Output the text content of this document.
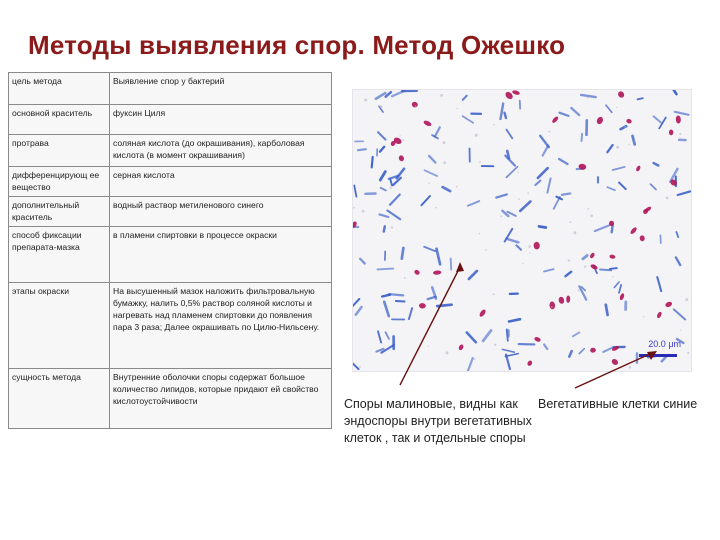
Методы выявления спор. Метод Ожешко
цель метода	Выявление спор у бактерий
основной краситель	фуксин Циля
протрава	соляная кислота (до окрашивания), карболовая кислота (в момент окрашивания)
дифференцирующ ее вещество	серная кислота
дополнительный краситель	водный раствор метиленового синего
способ фиксации препарата-мазка	в пламени спиртовки в процессе окраски
этапы окраски	На высушенный мазок наложить фильтровальную бумажку, налить 0,5% раствор соляной кислоты и нагревать над пламенем спиртовки до появления пара 3 раза; Далее окрашивать по Цилю-Нильсену.
сущность метода	Внутренние оболочки споры содержат большое количество липидов, которые придают ей свойство кислотоустойчивости
20.0 μm
Споры малиновые, видны как эндоспоры внутри вегетативных клеток , так и отдельные споры
Вегетативные клетки синие
